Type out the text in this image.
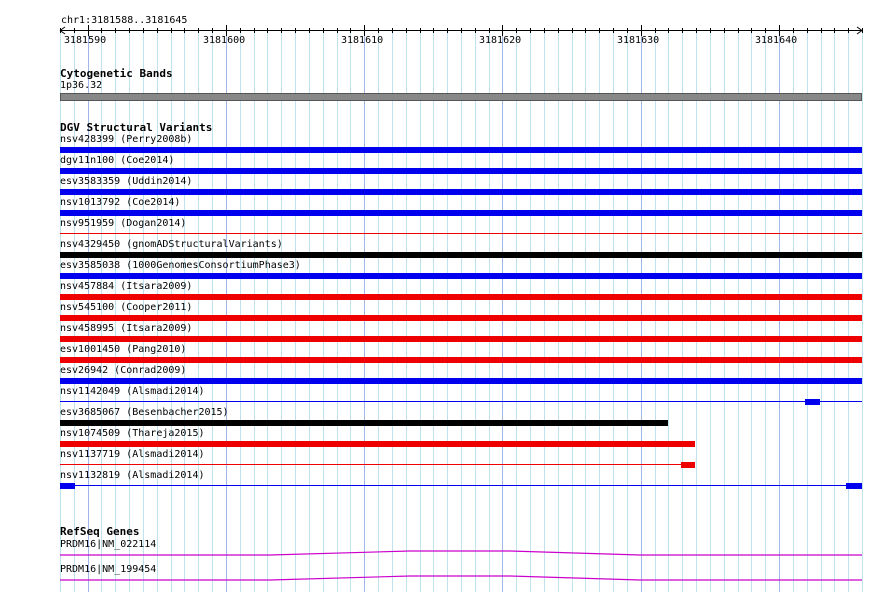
chr1:3181588..3181645
3181590	3181600	3181610	3181620	3181630	3181640
Cytogenetic Bands
1p36.32
DGV Structural Variants
nsv428399 (Perry2008b)
dgv11n100 (Coe2014)
esv3583359 (Uddin2014)
nsv1013792 (Coe2014)
nsv951959 (Dogan2014)
nsv4329450 (gnomADStructuralVariants)
esv3585038 (1000GenomesConsortiumPhase3)
nsv457884 (Itsara2009)
nsv545100 (Cooper2011)
nsv458995 (Itsara2009)
esv1001450 (Pang2010)
esv26942 (Conrad2009)
nsv1142049 (Alsmadi2014)
esv3685067 (Besenbacher2015)
nsv1074509 (Thareja2015)
nsv1137719 (Alsmadi2014)
nsv1132819 (Alsmadi2014)
RefSeq Genes
PRDM16|NM_022114
PRDM16|NM_199454
